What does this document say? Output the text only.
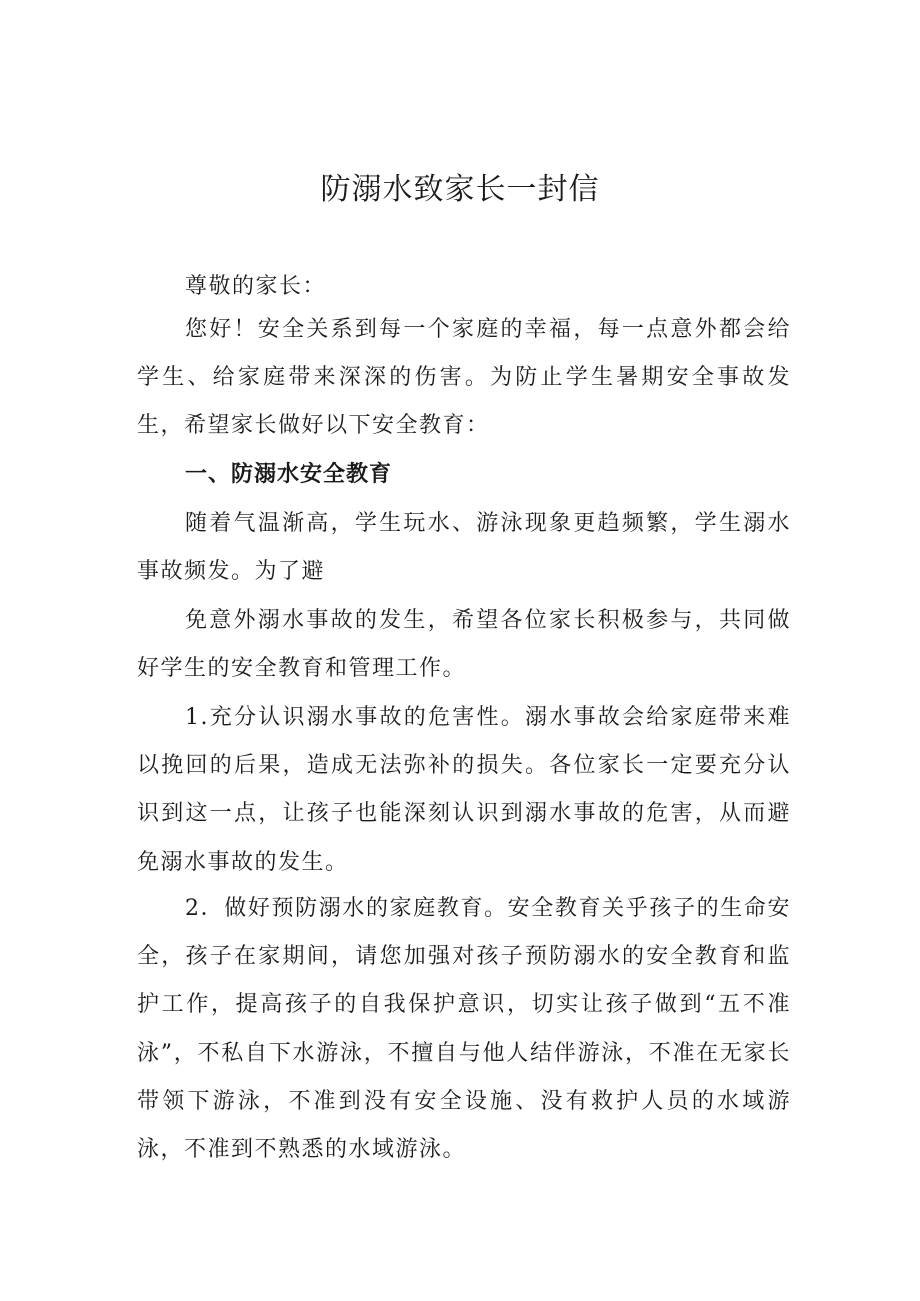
防溺水致家长一封信

尊敬的家长：

您好！安全关系到每一个家庭的幸福，每一点意外都会给学生、给家庭带来深深的伤害。为防止学生暑期安全事故发生，希望家长做好以下安全教育：

一、防溺水安全教育

随着气温渐高，学生玩水、游泳现象更趋频繁，学生溺水事故频发。为了避

免意外溺水事故的发生，希望各位家长积极参与，共同做好学生的安全教育和管理工作。

1.充分认识溺水事故的危害性。溺水事故会给家庭带来难以挽回的后果，造成无法弥补的损失。各位家长一定要充分认识到这一点，让孩子也能深刻认识到溺水事故的危害，从而避免溺水事故的发生。

2．做好预防溺水的家庭教育。安全教育关乎孩子的生命安全，孩子在家期间，请您加强对孩子预防溺水的安全教育和监护工作，提高孩子的自我保护意识，切实让孩子做到“五不准泳”，不私自下水游泳，不擅自与他人结伴游泳，不准在无家长带领下游泳，不准到没有安全设施、没有救护人员的水域游泳，不准到不熟悉的水域游泳。
